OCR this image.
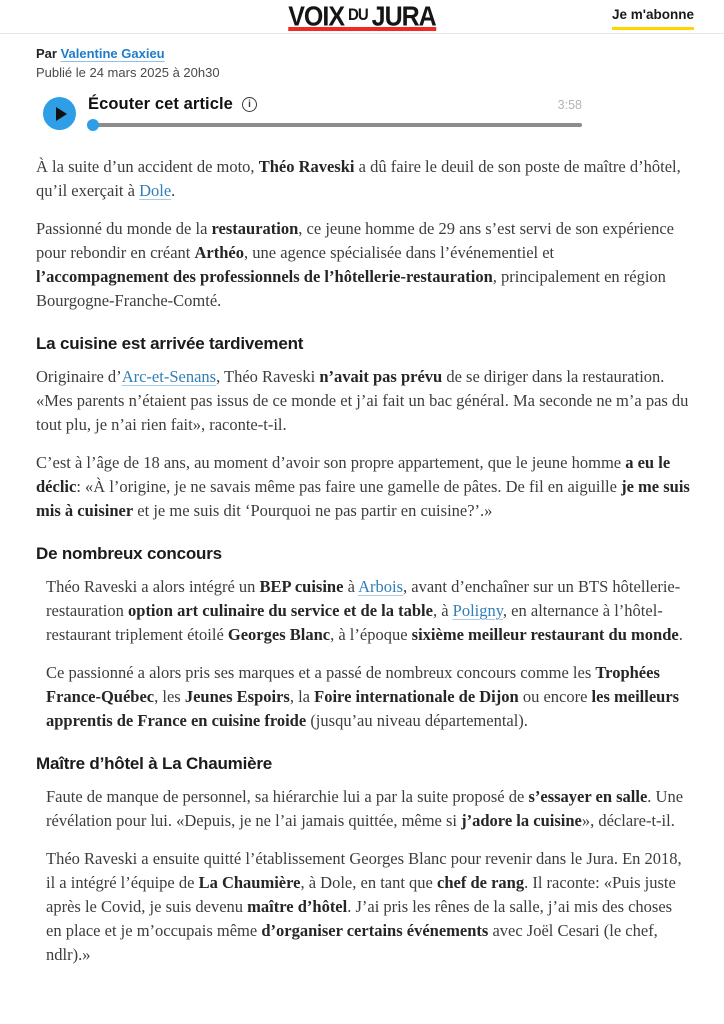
VOIX DU JURA	Je m'abonne
Par Valentine Gaxieu
Publié le 24 mars 2025 à 20h30
Écouter cet article	i	3:58

À la suite d’un accident de moto, Théo Raveski a dû faire le deuil de son poste de maître d’hôtel, qu’il exerçait à Dole.

Passionné du monde de la restauration, ce jeune homme de 29 ans s’est servi de son expérience pour rebondir en créant Arthéo, une agence spécialisée dans l’événementiel et l’accompagnement des professionnels de l’hôtellerie-restauration, principalement en région Bourgogne-Franche-Comté.

La cuisine est arrivée tardivement

Originaire d’Arc-et-Senans, Théo Raveski n’avait pas prévu de se diriger dans la restauration. «Mes parents n’étaient pas issus de ce monde et j’ai fait un bac général. Ma seconde ne m’a pas du tout plu, je n’ai rien fait», raconte-t-il.

C’est à l’âge de 18 ans, au moment d’avoir son propre appartement, que le jeune homme a eu le déclic: «À l’origine, je ne savais même pas faire une gamelle de pâtes. De fil en aiguille je me suis mis à cuisiner et je me suis dit ‘Pourquoi ne pas partir en cuisine?’.»

De nombreux concours

Théo Raveski a alors intégré un BEP cuisine à Arbois, avant d’enchaîner sur un BTS hôtellerie-restauration option art culinaire du service et de la table, à Poligny, en alternance à l’hôtel-restaurant triplement étoilé Georges Blanc, à l’époque sixième meilleur restaurant du monde.

Ce passionné a alors pris ses marques et a passé de nombreux concours comme les Trophées France-Québec, les Jeunes Espoirs, la Foire internationale de Dijon ou encore les meilleurs apprentis de France en cuisine froide (jusqu’au niveau départemental).

Maître d’hôtel à La Chaumière

Faute de manque de personnel, sa hiérarchie lui a par la suite proposé de s’essayer en salle. Une révélation pour lui. «Depuis, je ne l’ai jamais quittée, même si j’adore la cuisine», déclare-t-il.

Théo Raveski a ensuite quitté l’établissement Georges Blanc pour revenir dans le Jura. En 2018, il a intégré l’équipe de La Chaumière, à Dole, en tant que chef de rang. Il raconte: «Puis juste après le Covid, je suis devenu maître d’hôtel. J’ai pris les rênes de la salle, j’ai mis des choses en place et je m’occupais même d’organiser certains événements avec Joël Cesari (le chef, ndlr).»
